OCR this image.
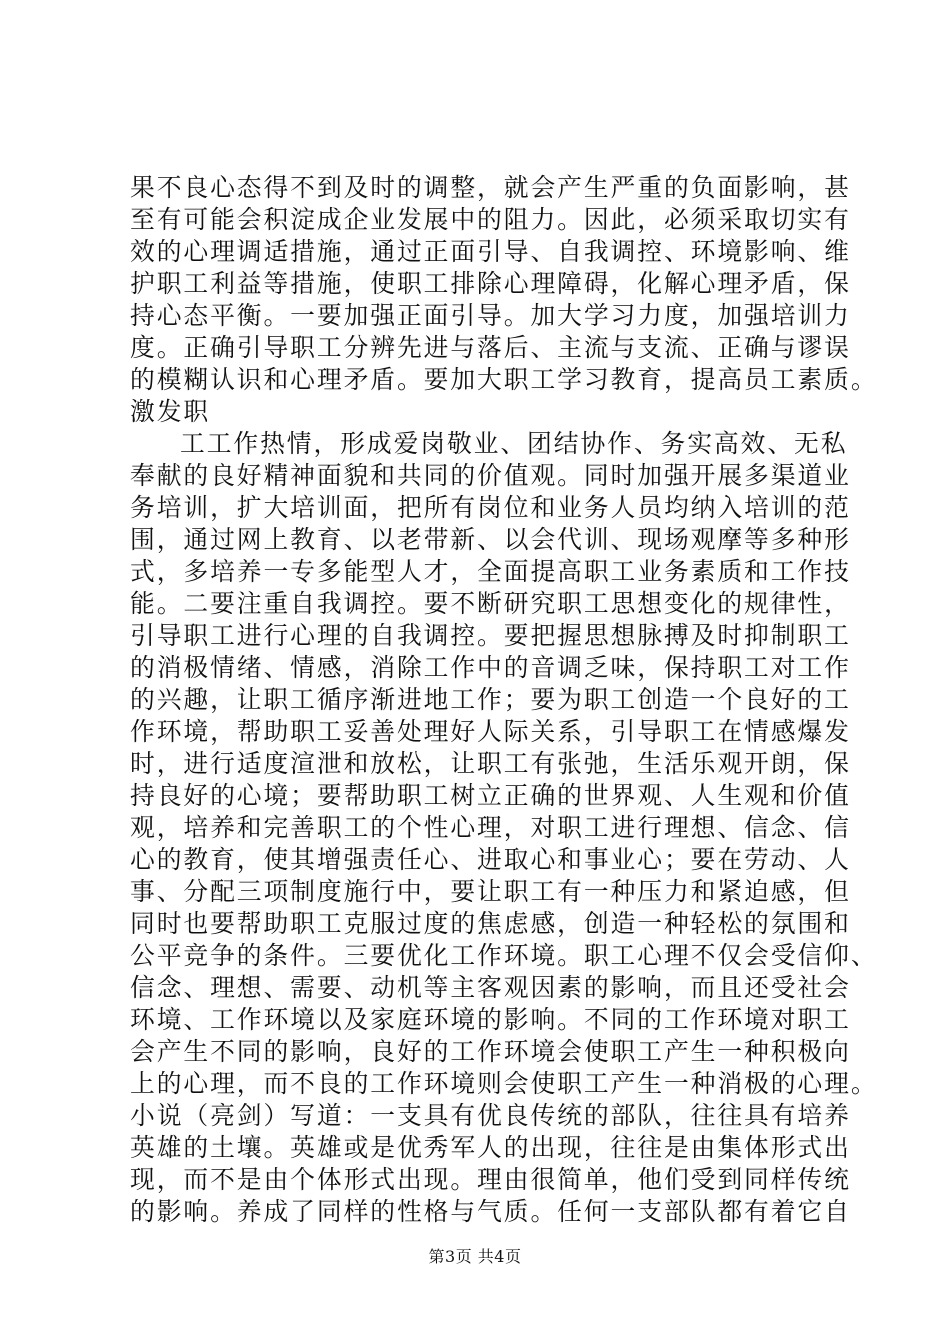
果不良心态得不到及时的调整，就会产生严重的负面影响，甚
至有可能会积淀成企业发展中的阻力。因此，必须采取切实有
效的心理调适措施，通过正面引导、自我调控、环境影响、维
护职工利益等措施，使职工排除心理障碍，化解心理矛盾，保
持心态平衡。一要加强正面引导。加大学习力度，加强培训力
度。正确引导职工分辨先进与落后、主流与支流、正确与谬误
的模糊认识和心理矛盾。要加大职工学习教育，提高员工素质。
激发职
工工作热情，形成爱岗敬业、团结协作、务实高效、无私
奉献的良好精神面貌和共同的价值观。同时加强开展多渠道业
务培训，扩大培训面，把所有岗位和业务人员均纳入培训的范
围，通过网上教育、以老带新、以会代训、现场观摩等多种形
式，多培养一专多能型人才，全面提高职工业务素质和工作技
能。二要注重自我调控。要不断研究职工思想变化的规律性，
引导职工进行心理的自我调控。要把握思想脉搏及时抑制职工
的消极情绪、情感，消除工作中的音调乏味，保持职工对工作
的兴趣，让职工循序渐进地工作；要为职工创造一个良好的工
作环境，帮助职工妥善处理好人际关系，引导职工在情感爆发
时，进行适度渲泄和放松，让职工有张弛，生活乐观开朗，保
持良好的心境；要帮助职工树立正确的世界观、人生观和价值
观，培养和完善职工的个性心理，对职工进行理想、信念、信
心的教育，使其增强责任心、进取心和事业心；要在劳动、人
事、分配三项制度施行中，要让职工有一种压力和紧迫感，但
同时也要帮助职工克服过度的焦虑感，创造一种轻松的氛围和
公平竞争的条件。三要优化工作环境。职工心理不仅会受信仰、
信念、理想、需要、动机等主客观因素的影响，而且还受社会
环境、工作环境以及家庭环境的影响。不同的工作环境对职工
会产生不同的影响，良好的工作环境会使职工产生一种积极向
上的心理，而不良的工作环境则会使职工产生一种消极的心理。
小说（亮剑）写道：一支具有优良传统的部队，往往具有培养
英雄的土壤。英雄或是优秀军人的出现，往往是由集体形式出
现，而不是由个体形式出现。理由很简单，他们受到同样传统
的影响。养成了同样的性格与气质。任何一支部队都有着它自
第3页 共4页
